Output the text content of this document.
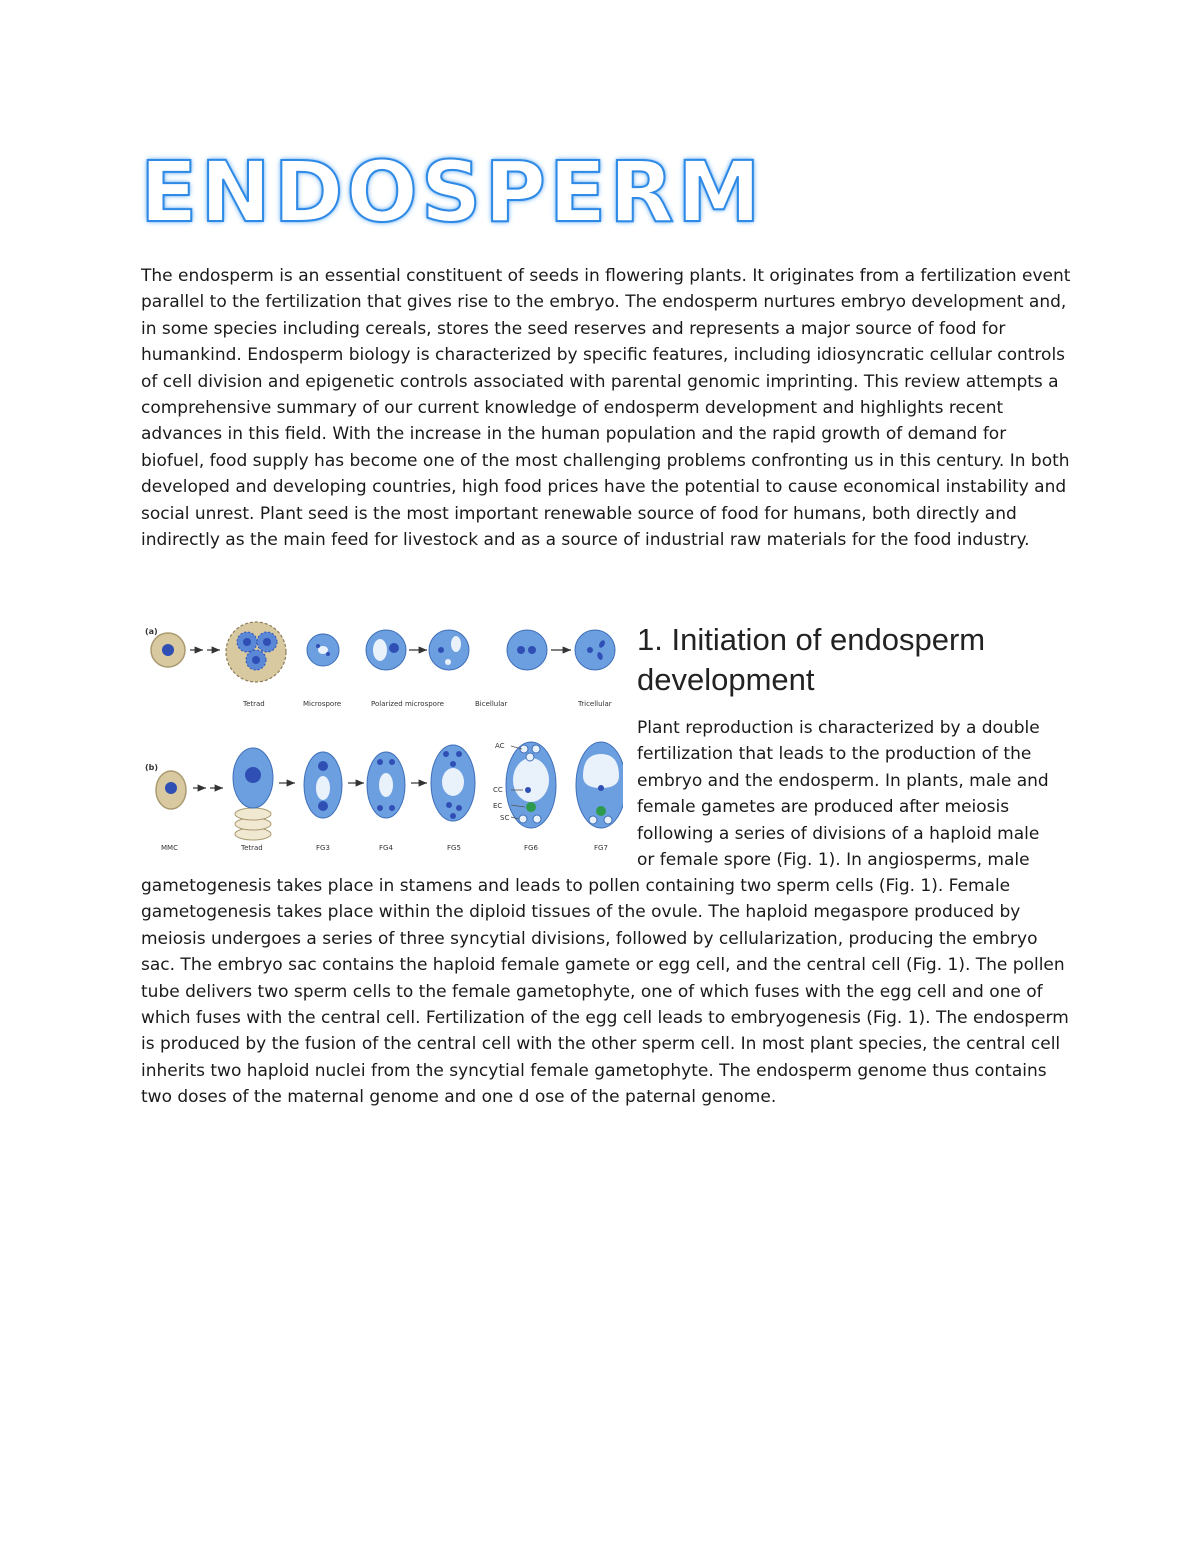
ENDOSPERM

The endosperm is an essential constituent of seeds in flowering plants. It originates from a fertilization event parallel to the fertilization that gives rise to the embryo. The endosperm nurtures embryo development and, in some species including cereals, stores the seed reserves and represents a major source of food for humankind. Endosperm biology is characterized by specific features, including idiosyncratic cellular controls of cell division and epigenetic controls associated with parental genomic imprinting. This review attempts a comprehensive summary of our current knowledge of endosperm development and highlights recent advances in this field. With the increase in the human population and the rapid growth of demand for biofuel, food supply has become one of the most challenging problems confronting us in this century. In both developed and developing countries, high food prices have the potential to cause economical instability and social unrest. Plant seed is the most important renewable source of food for humans, both directly and indirectly as the main feed for livestock and as a source of industrial raw materials for the food industry.

(a)
Tetrad	Microspore	Polarized microspore	Bicellular	Tricellular
(b)
AC
CC
EC
SC
MMC	Tetrad	FG3	FG4	FG5	FG6	FG7
1. Initiation of endosperm development

Plant reproduction is characterized by a double fertilization that leads to the production of the embryo and the endosperm. In plants, male and female gametes are produced after meiosis following a series of divisions of a haploid male or female spore (Fig. 1). In angiosperms, male

gametogenesis takes place in stamens and leads to pollen containing two sperm cells (Fig. 1). Female gametogenesis takes place within the diploid tissues of the ovule. The haploid megaspore produced by meiosis undergoes a series of three syncytial divisions, followed by cellularization, producing the embryo sac. The embryo sac contains the haploid female gamete or egg cell, and the central cell (Fig. 1). The pollen tube delivers two sperm cells to the female gametophyte, one of which fuses with the egg cell and one of which fuses with the central cell. Fertilization of the egg cell leads to embryogenesis (Fig. 1). The endosperm is produced by the fusion of the central cell with the other sperm cell. In most plant species, the central cell inherits two haploid nuclei from the syncytial female gametophyte. The endosperm genome thus contains two doses of the maternal genome and one d ose of the paternal genome.
